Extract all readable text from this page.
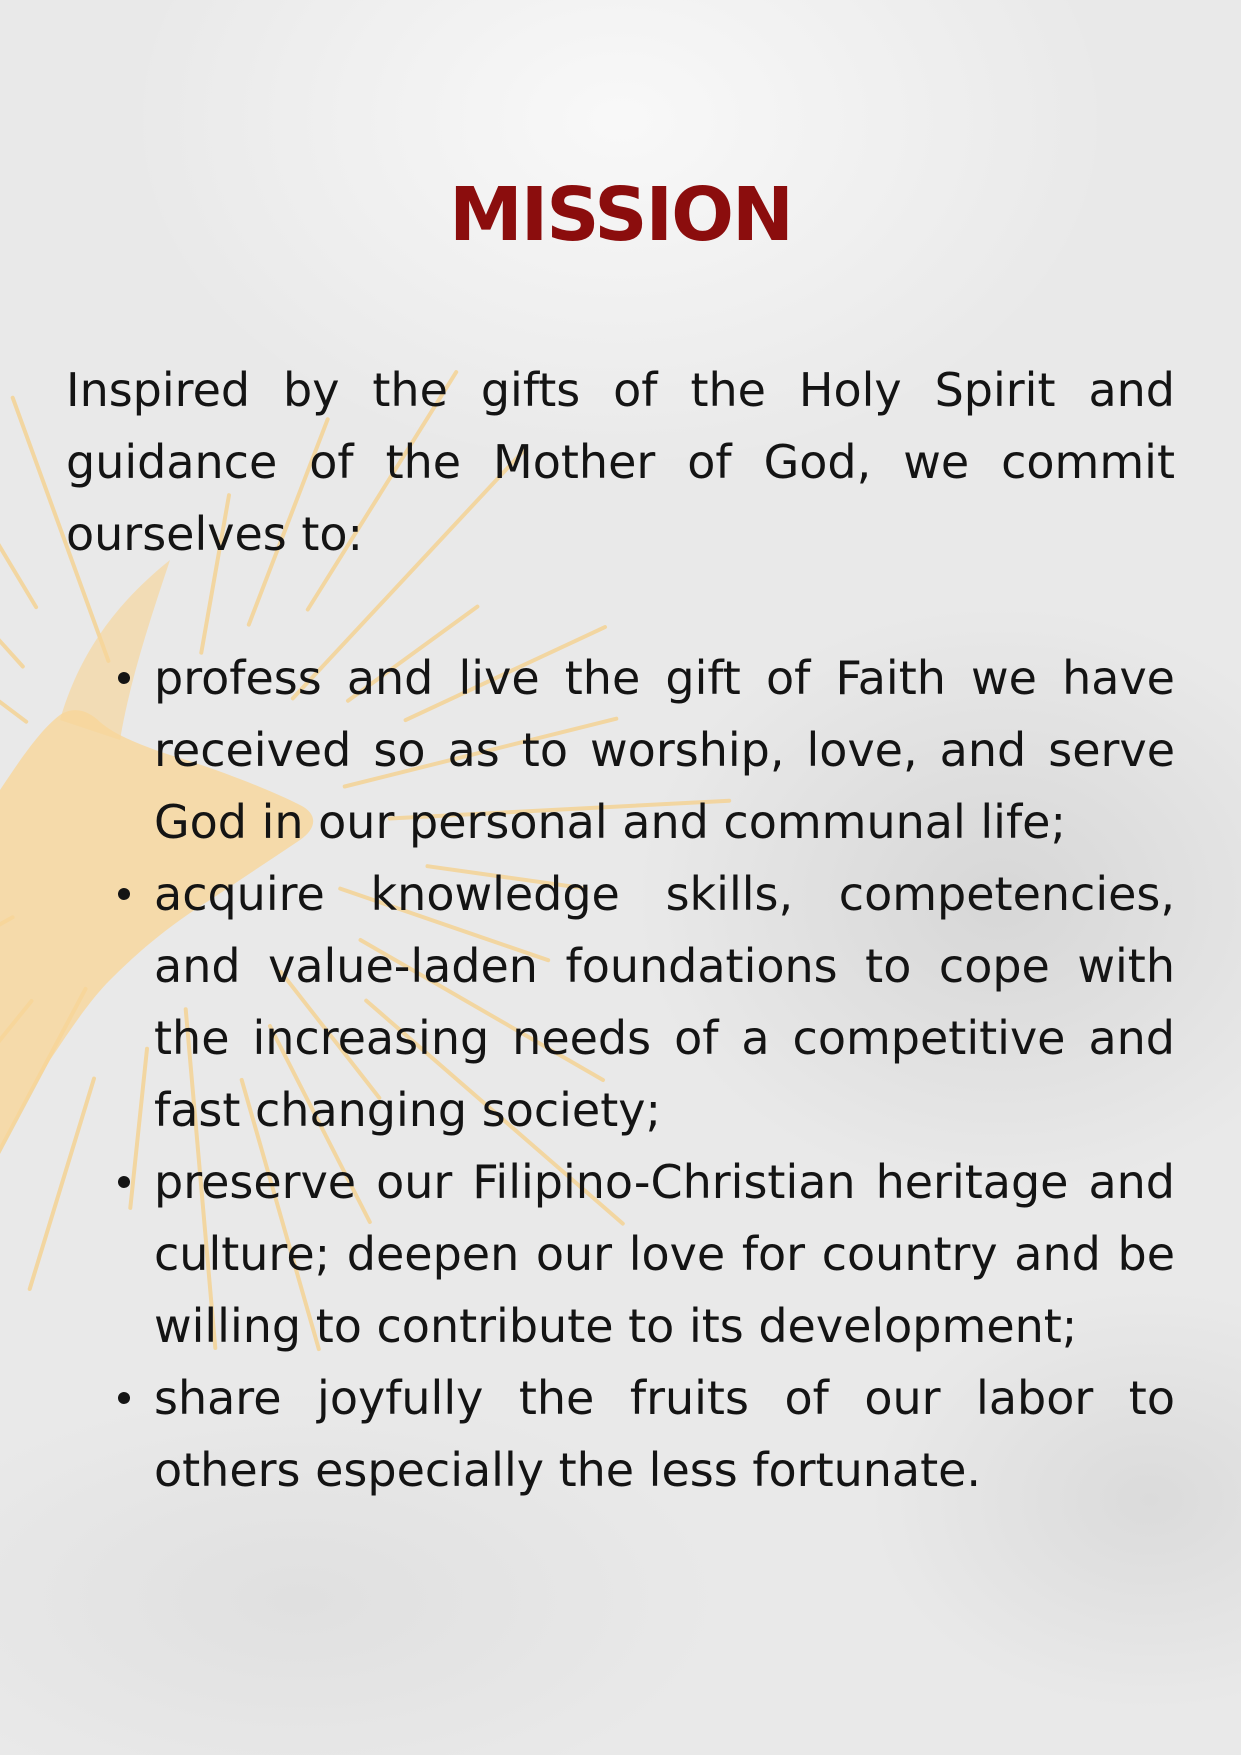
MISSION

Inspired by the gifts of the Holy Spirit and guidance of the Mother of God, we commit ourselves to:

profess and live the gift of Faith we have received so as to worship, love, and serve God in our personal and communal life;
acquire knowledge skills, competencies, and value-laden foundations to cope with the increasing needs of a competitive and fast changing society;
preserve our Filipino-Christian heritage and culture; deepen our love for country and be willing to contribute to its development;
share joyfully the fruits of our labor to others especially the less fortunate.
